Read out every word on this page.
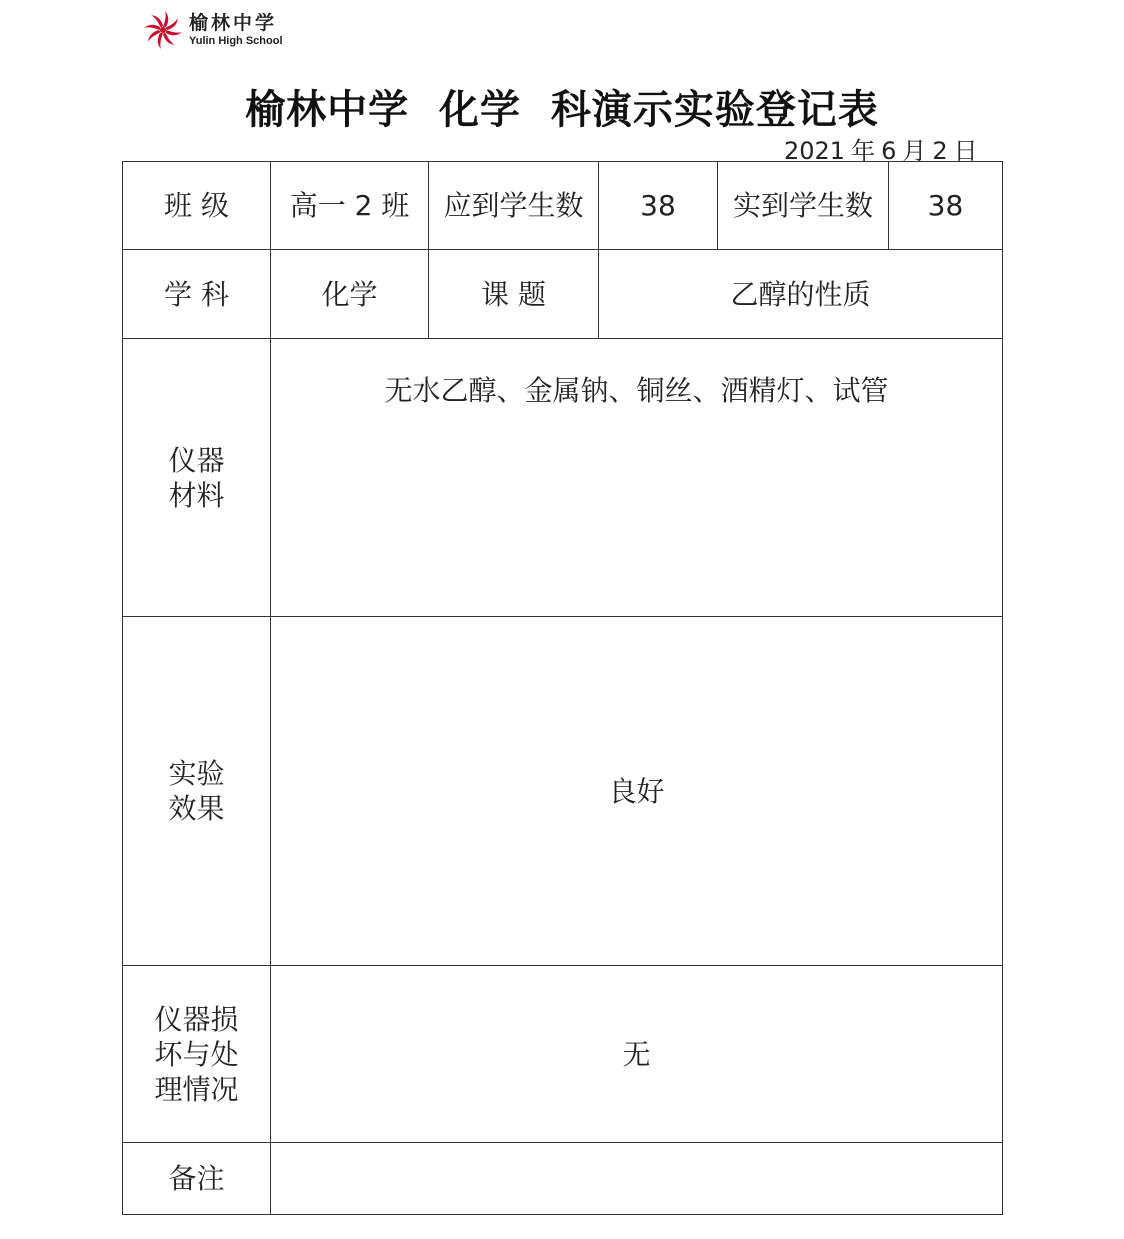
榆林中学
Yulin High School
榆林中学  化学  科演示实验登记表
2021 年 6 月 2 日
班 级	高一 2 班	应到学生数	38	实到学生数	38
学 科	化学	课 题	乙醇的性质		

仪器
材料	无水乙醇、金属钠、铜丝、酒精灯、试管				

实验
效果	良好				

仪器损
坏与处
理情况	无				
备注					
